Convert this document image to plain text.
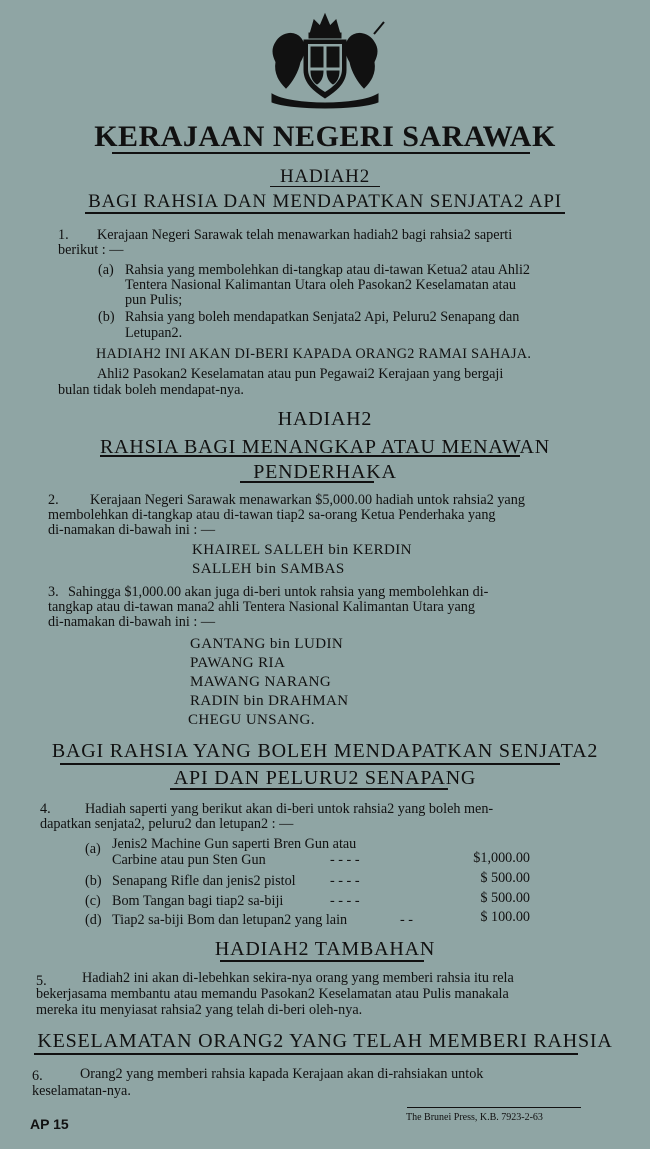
KERAJAAN NEGERI SARAWAK
HADIAH2
BAGI RAHSIA DAN MENDAPATKAN SENJATA2 API
1. Kerajaan Negeri Sarawak telah menawarkan hadiah2 bagi rahsia2 saperti
berikut : —
(a) Rahsia yang membolehkan di-tangkap atau di-tawan Ketua2 atau Ahli2
Tentera Nasional Kalimantan Utara oleh Pasokan2 Keselamatan atau
pun Pulis;
(b) Rahsia yang boleh mendapatkan Senjata2 Api, Peluru2 Senapang dan
Letupan2.
HADIAH2 INI AKAN DI-BERI KAPADA ORANG2 RAMAI SAHAJA.
Ahli2 Pasokan2 Keselamatan atau pun Pegawai2 Kerajaan yang bergaji
bulan tidak boleh mendapat-nya.
HADIAH2
RAHSIA BAGI MENANGKAP ATAU MENAWAN
PENDERHAKA
2. Kerajaan Negeri Sarawak menawarkan $5,000.00 hadiah untok rahsia2 yang
membolehkan di-tangkap atau di-tawan tiap2 sa-orang Ketua Penderhaka yang
di-namakan di-bawah ini : —
KHAIREL SALLEH bin KERDIN
SALLEH bin SAMBAS
3. Sahingga $1,000.00 akan juga di-beri untok rahsia yang membolehkan di-
tangkap atau di-tawan mana2 ahli Tentera Nasional Kalimantan Utara yang
di-namakan di-bawah ini : —
GANTANG bin LUDIN
PAWANG RIA
MAWANG NARANG
RADIN bin DRAHMAN
CHEGU UNSANG.
BAGI RAHSIA YANG BOLEH MENDAPATKAN SENJATA2
API DAN PELURU2 SENAPANG
4. Hadiah saperti yang berikut akan di-beri untok rahsia2 yang boleh men-
dapatkan senjata2, peluru2 dan letupan2 : —
(a) Jenis2 Machine Gun saperti Bren Gun atau
Carbine atau pun Sten Gun	- - - -	$1,000.00
(b) Senapang Rifle dan jenis2 pistol - - - -	$ 500.00
(c) Bom Tangan bagi tiap2 sa-biji	- - - -	$ 500.00
(d) Tiap2 sa-biji Bom dan letupan2 yang lain	- -	$ 100.00
HADIAH2 TAMBAHAN
5. Hadiah2 ini akan di-lebehkan sekira-nya orang yang memberi rahsia itu rela
bekerjasama membantu atau memandu Pasokan2 Keselamatan atau Pulis manakala
mereka itu menyiasat rahsia2 yang telah di-beri oleh-nya.
KESELAMATAN ORANG2 YANG TELAH MEMBERI RAHSIA
6.	Orang2 yang memberi rahsia kapada Kerajaan akan di-rahsiakan untok
keselamatan-nya.
AP 15	The Brunei Press, K.B. 7923-2-63
